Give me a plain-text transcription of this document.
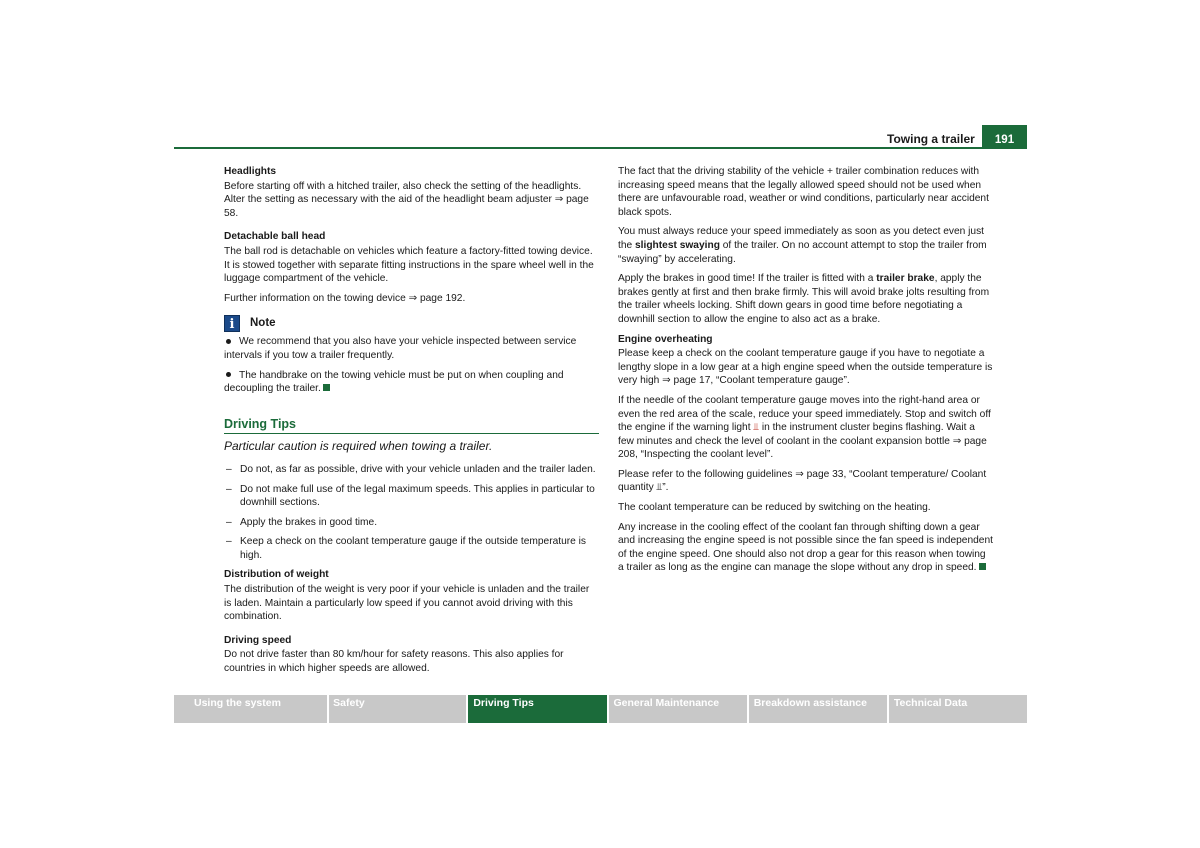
Towing a trailer	191
Headlights

Before starting off with a hitched trailer, also check the setting of the headlights. Alter the setting as necessary with the aid of the headlight beam adjuster ⇒ page 58.

Detachable ball head

The ball rod is detachable on vehicles which feature a factory-fitted towing device. It is stowed together with separate fitting instructions in the spare wheel well in the luggage compartment of the vehicle.

Further information on the towing device ⇒ page 192.

i	Note

We recommend that you also have your vehicle inspected between service intervals if you tow a trailer frequently.

The handbrake on the towing vehicle must be put on when coupling and decoupling the trailer.

Driving Tips
Particular caution is required when towing a trailer.
– Do not, as far as possible, drive with your vehicle unladen and the trailer laden.
– Do not make full use of the legal maximum speeds. This applies in particular to downhill sections.
– Apply the brakes in good time.
– Keep a check on the coolant temperature gauge if the outside temperature is high.
Distribution of weight

The distribution of the weight is very poor if your vehicle is unladen and the trailer is laden. Maintain a particularly low speed if you cannot avoid driving with this combination.

Driving speed

Do not drive faster than 80 km/hour for safety reasons. This also applies for countries in which higher speeds are allowed.

The fact that the driving stability of the vehicle + trailer combination reduces with increasing speed means that the legally allowed speed should not be used when there are unfavourable road, weather or wind conditions, particularly near accident black spots.

You must always reduce your speed immediately as soon as you detect even just the slightest swaying of the trailer. On no account attempt to stop the trailer from “swaying” by accelerating.

Apply the brakes in good time! If the trailer is fitted with a trailer brake, apply the brakes gently at first and then brake firmly. This will avoid brake jolts resulting from the trailer wheels locking. Shift down gears in good time before negotiating a downhill section to allow the engine to also act as a brake.

Engine overheating

Please keep a check on the coolant temperature gauge if you have to negotiate a lengthy slope in a low gear at a high engine speed when the outside temperature is very high ⇒ page 17, “Coolant temperature gauge”.

If the needle of the coolant temperature gauge moves into the right-hand area or even the red area of the scale, reduce your speed immediately. Stop and switch off the engine if the warning light ⫫ in the instrument cluster begins flashing. Wait a few minutes and check the level of coolant in the coolant expansion bottle ⇒ page 208, “Inspecting the coolant level”.

Please refer to the following guidelines ⇒ page 33, “Coolant temperature/ Coolant quantity ⫫”.

The coolant temperature can be reduced by switching on the heating.

Any increase in the cooling effect of the coolant fan through shifting down a gear and increasing the engine speed is not possible since the fan speed is independent of the engine speed. One should also not drop a gear for this reason when towing a trailer as long as the engine can manage the slope without any drop in speed.

Using the system	Safety	Driving Tips	General Maintenance	Breakdown assistance	Technical Data
